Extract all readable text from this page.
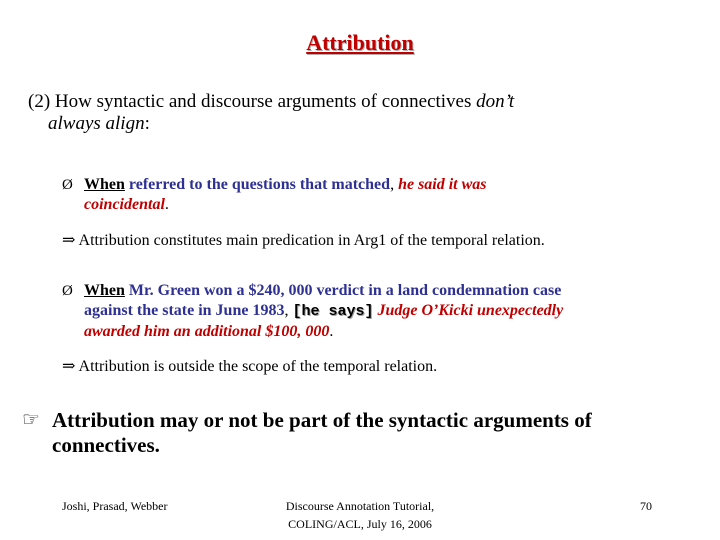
Attribution
(2) How syntactic and discourse arguments of connectives don’t
always align:
Ø When referred to the questions that matched, he said it was
coincidental.
⇒ Attribution constitutes main predication in Arg1 of the temporal relation.
Ø When Mr. Green won a $240, 000 verdict in a land condemnation case
against the state in June 1983, [he says] Judge O’Kicki unexpectedly
awarded him an additional $100, 000.
⇒ Attribution is outside the scope of the temporal relation.
☞ Attribution may or not be part of the syntactic arguments of
connectives.
Joshi, Prasad, Webber	Discourse Annotation Tutorial,
COLING/ACL, July 16, 2006
70
